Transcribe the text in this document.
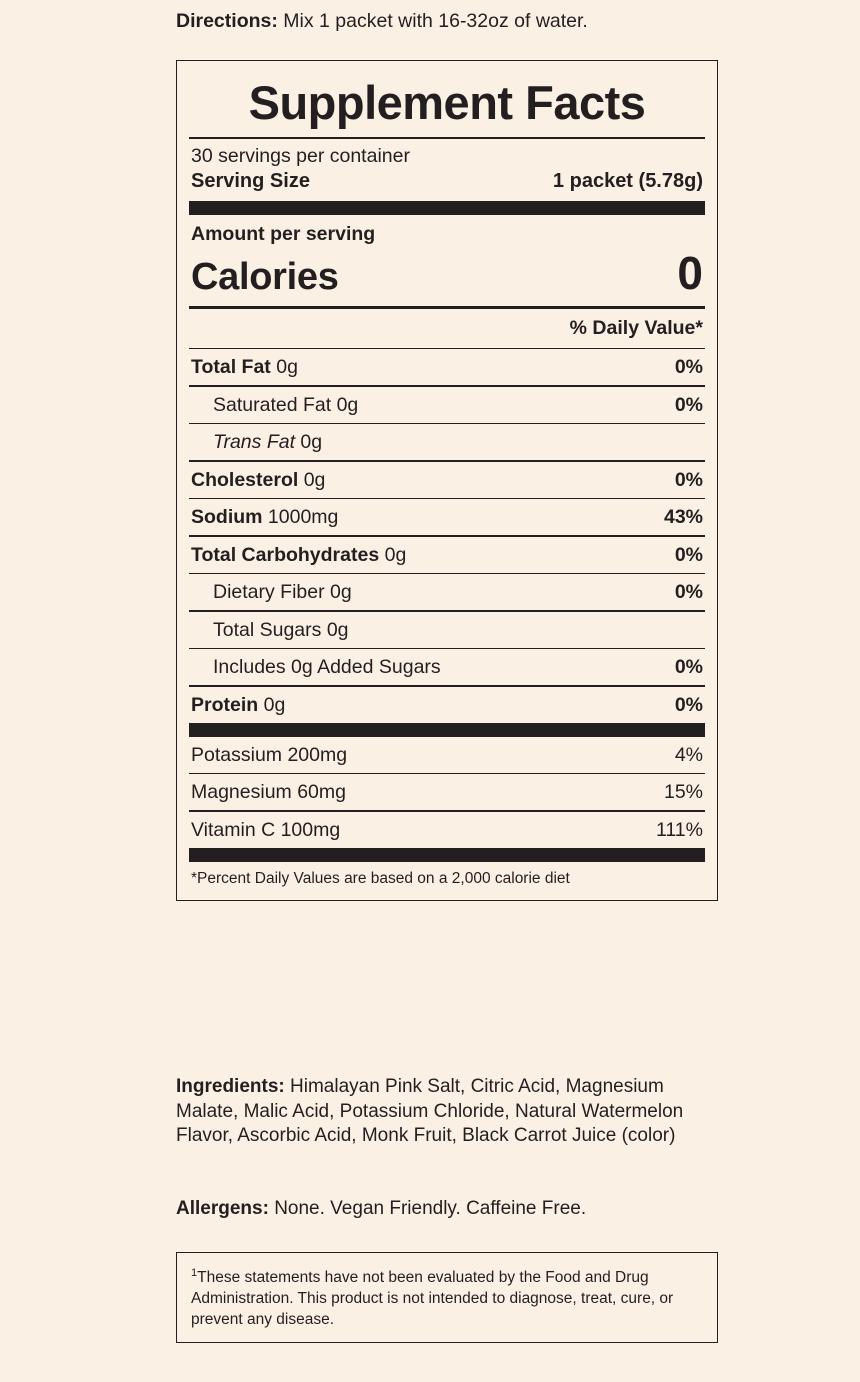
Directions: Mix 1 packet with 16-32oz of water.
Supplement Facts
30 servings per container
Serving Size	1 packet (5.78g)
Amount per serving
Calories	0
% Daily Value*
Total Fat 0g	0%
Saturated Fat 0g	0%
Trans Fat 0g
Cholesterol 0g	0%
Sodium 1000mg	43%
Total Carbohydrates 0g	0%
Dietary Fiber 0g	0%
Total Sugars 0g
Includes 0g Added Sugars	0%
Protein 0g	0%
Potassium 200mg	4%
Magnesium 60mg	15%
Vitamin C 100mg	111%
*Percent Daily Values are based on a 2,000 calorie diet
Ingredients: Himalayan Pink Salt, Citric Acid, Magnesium Malate, Malic Acid, Potassium Chloride, Natural Watermelon Flavor, Ascorbic Acid, Monk Fruit, Black Carrot Juice (color)
Allergens: None. Vegan Friendly. Caffeine Free.
$^1$These statements have not been evaluated by the Food and Drug Administration. This product is not intended to diagnose, treat, cure, or prevent any disease.
